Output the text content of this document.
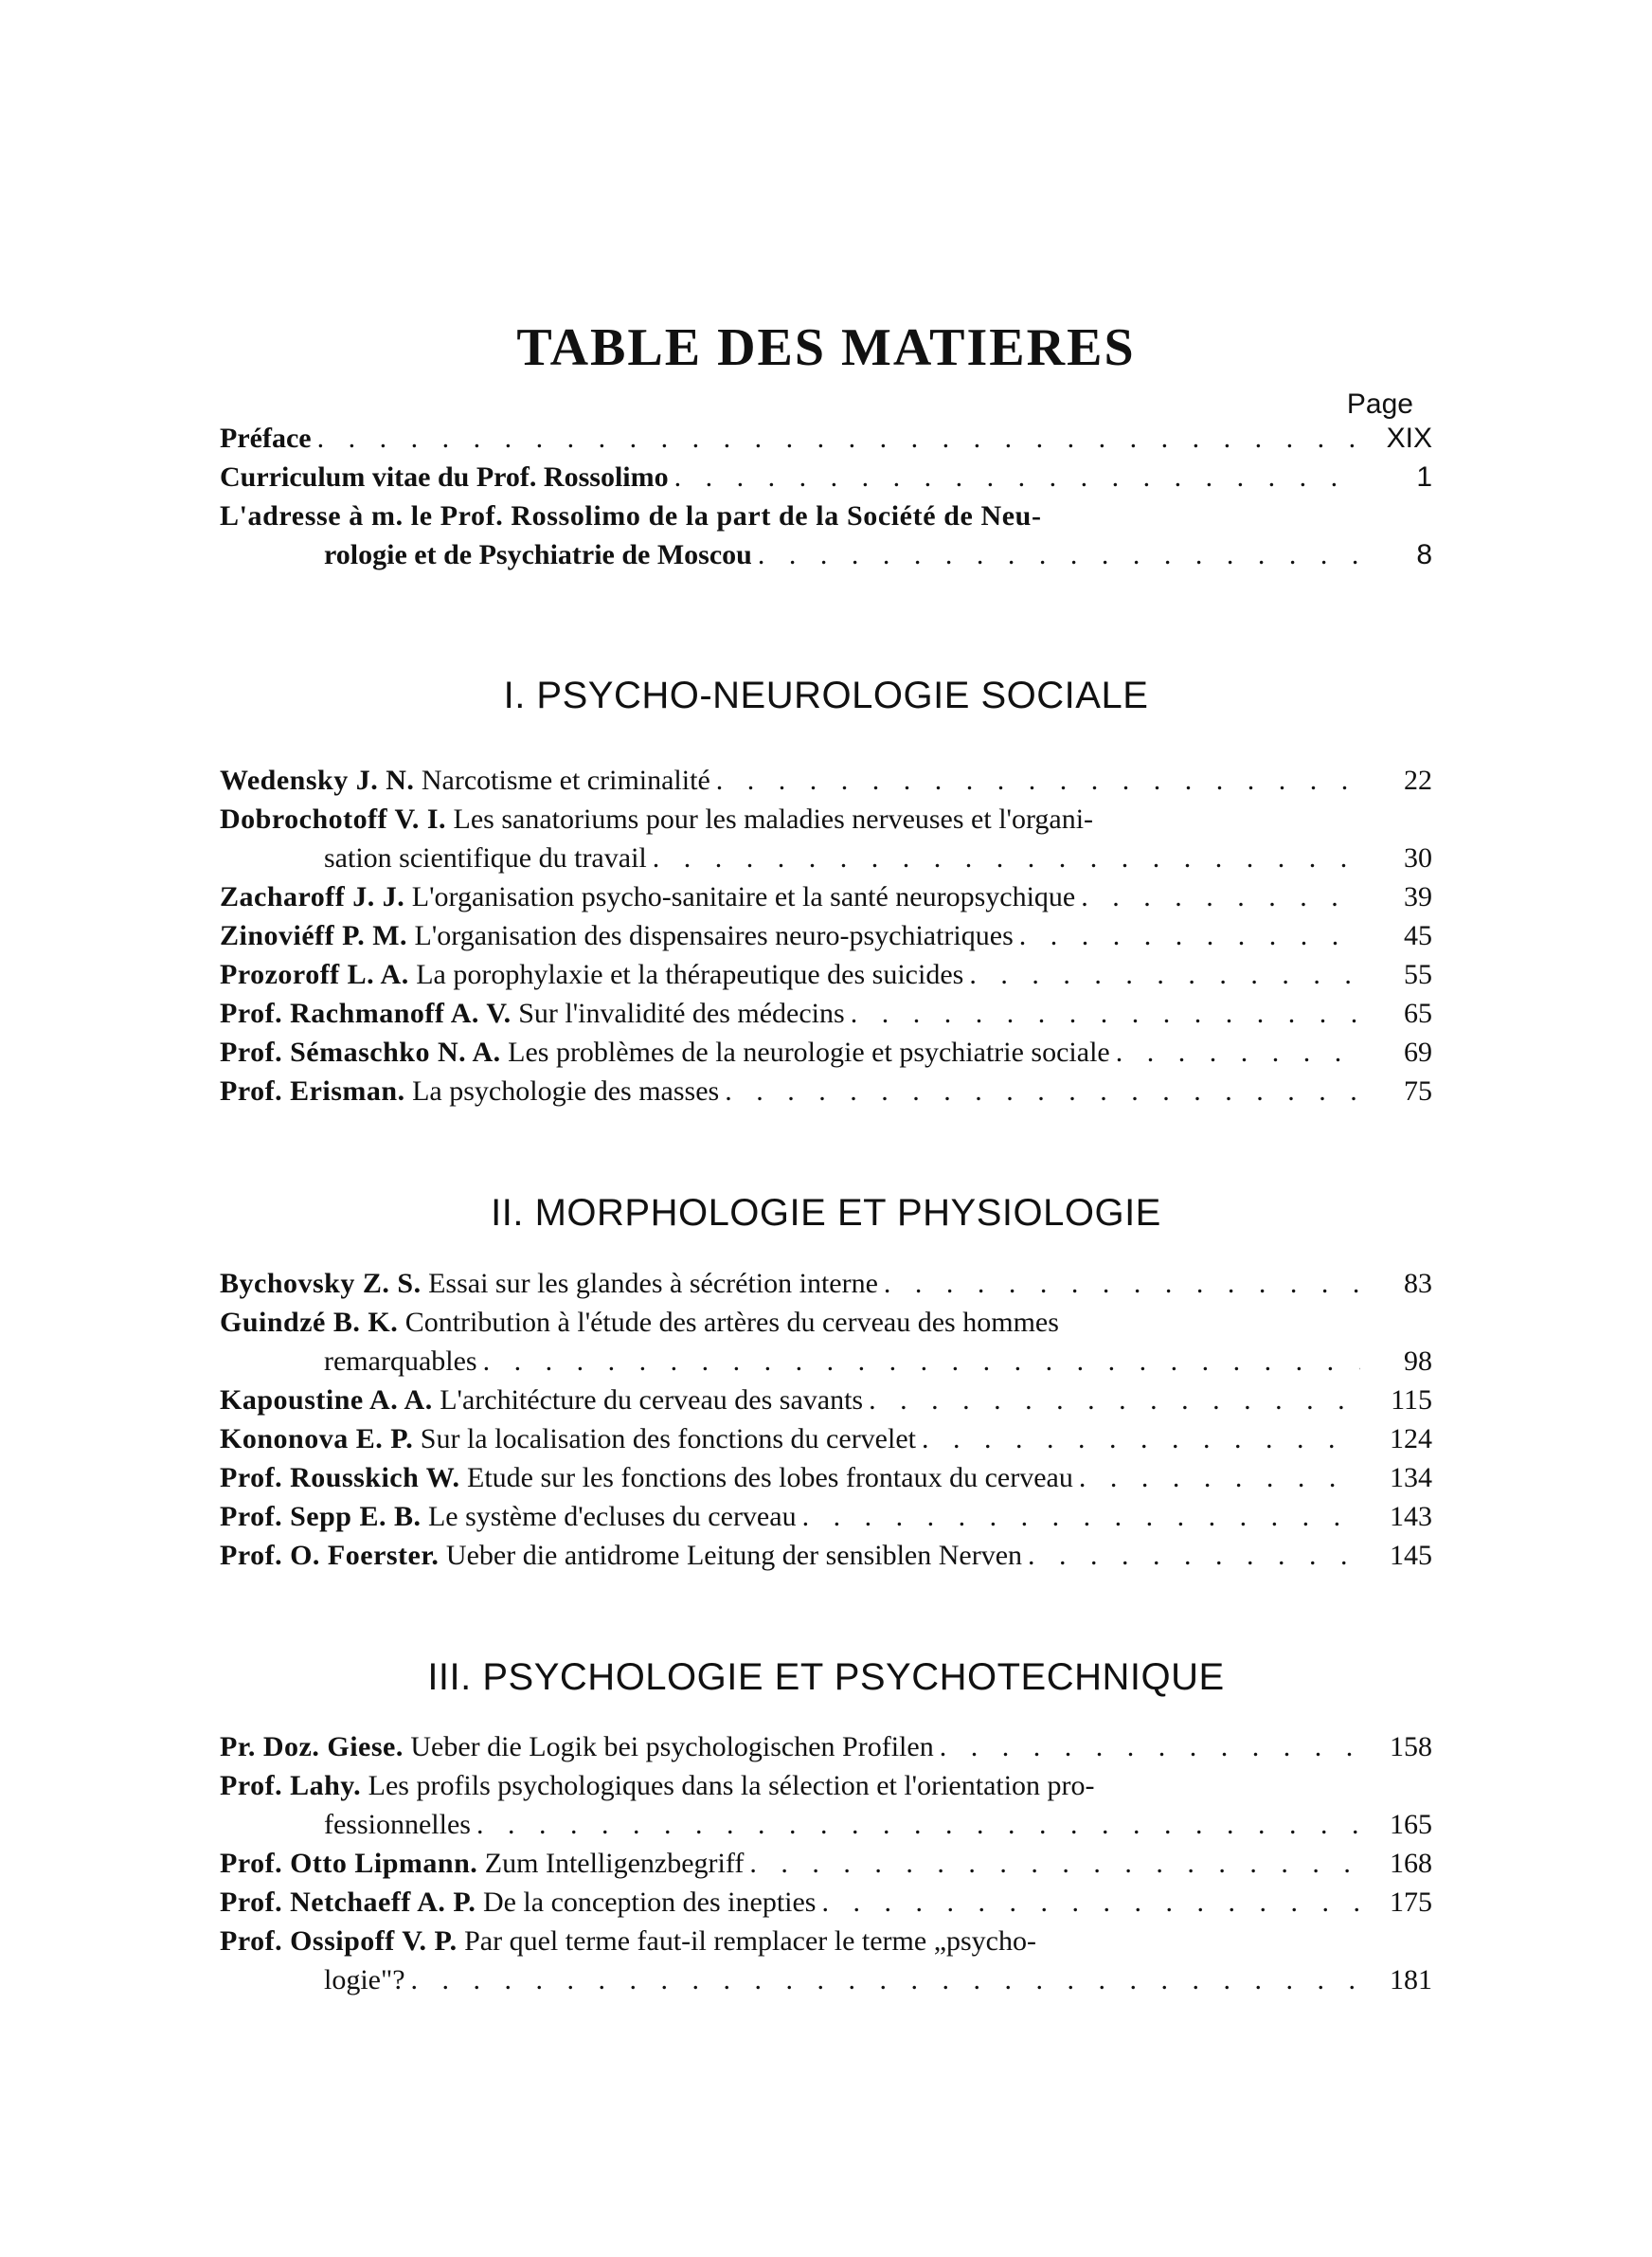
TABLE DES MATIERES
Page
Préface . . .	XIX
Curriculum vitae du Prof. Rossolimo . . .	1
L'adresse à m. le Prof. Rossolimo de la part de la Société de Neu-
rologie et de Psychiatrie de Moscou . . .	8
I. PSYCHO-NEUROLOGIE SOCIALE
Wedensky J. N.
Narcotisme et criminalité . . .	22
Dobrochotoff V. I.
Les sanatoriums pour les maladies nerveuses et l'organi-
sation scientifique du travail . . .	30
Zacharoff J. J.
L'organisation psycho-sanitaire et la santé neuropsychique . . .	39
Zinoviéff P. M.
L'organisation des dispensaires neuro-psychiatriques . . .	45
Prozoroff L. A.
La porophylaxie et la thérapeutique des suicides . . .	55
Prof. Rachmanoff A. V.
Sur l'invalidité des médecins . . .	65
Prof. Sémaschko N. A.
Les problèmes de la neurologie et psychiatrie sociale . . .	69
Prof. Erisman.
La psychologie des masses . . .	75
II. MORPHOLOGIE ET PHYSIOLOGIE
Bychovsky Z. S.
Essai sur les glandes à sécrétion interne . . .	83
Guindzé B. K.
Contribution à l'étude des artères du cerveau des hommes
remarquables . . .	98
Kapoustine A. A.
L'architécture du cerveau des savants . . .	115
Kononova E. P.
Sur la localisation des fonctions du cervelet . . .	124
Prof. Rousskich W.
Etude sur les fonctions des lobes frontaux du cerveau . . .	134
Prof. Sepp E. B.
Le système d'ecluses du cerveau . . .	143
Prof. O. Foerster.
Ueber die antidrome Leitung der sensiblen Nerven . . .	145
III. PSYCHOLOGIE ET PSYCHOTECHNIQUE
Pr. Doz. Giese.
Ueber die Logik bei psychologischen Profilen . . .	158
Prof. Lahy.
Les profils psychologiques dans la sélection et l'orientation pro-
fessionnelles . . .	165
Prof. Otto Lipmann.
Zum Intelligenzbegriff . . .	168
Prof. Netchaeff A. P.
De la conception des inepties . . .	175
Prof. Ossipoff V. P.
Par quel terme faut-il remplacer le terme „psycho-
logie"? . . .	181
